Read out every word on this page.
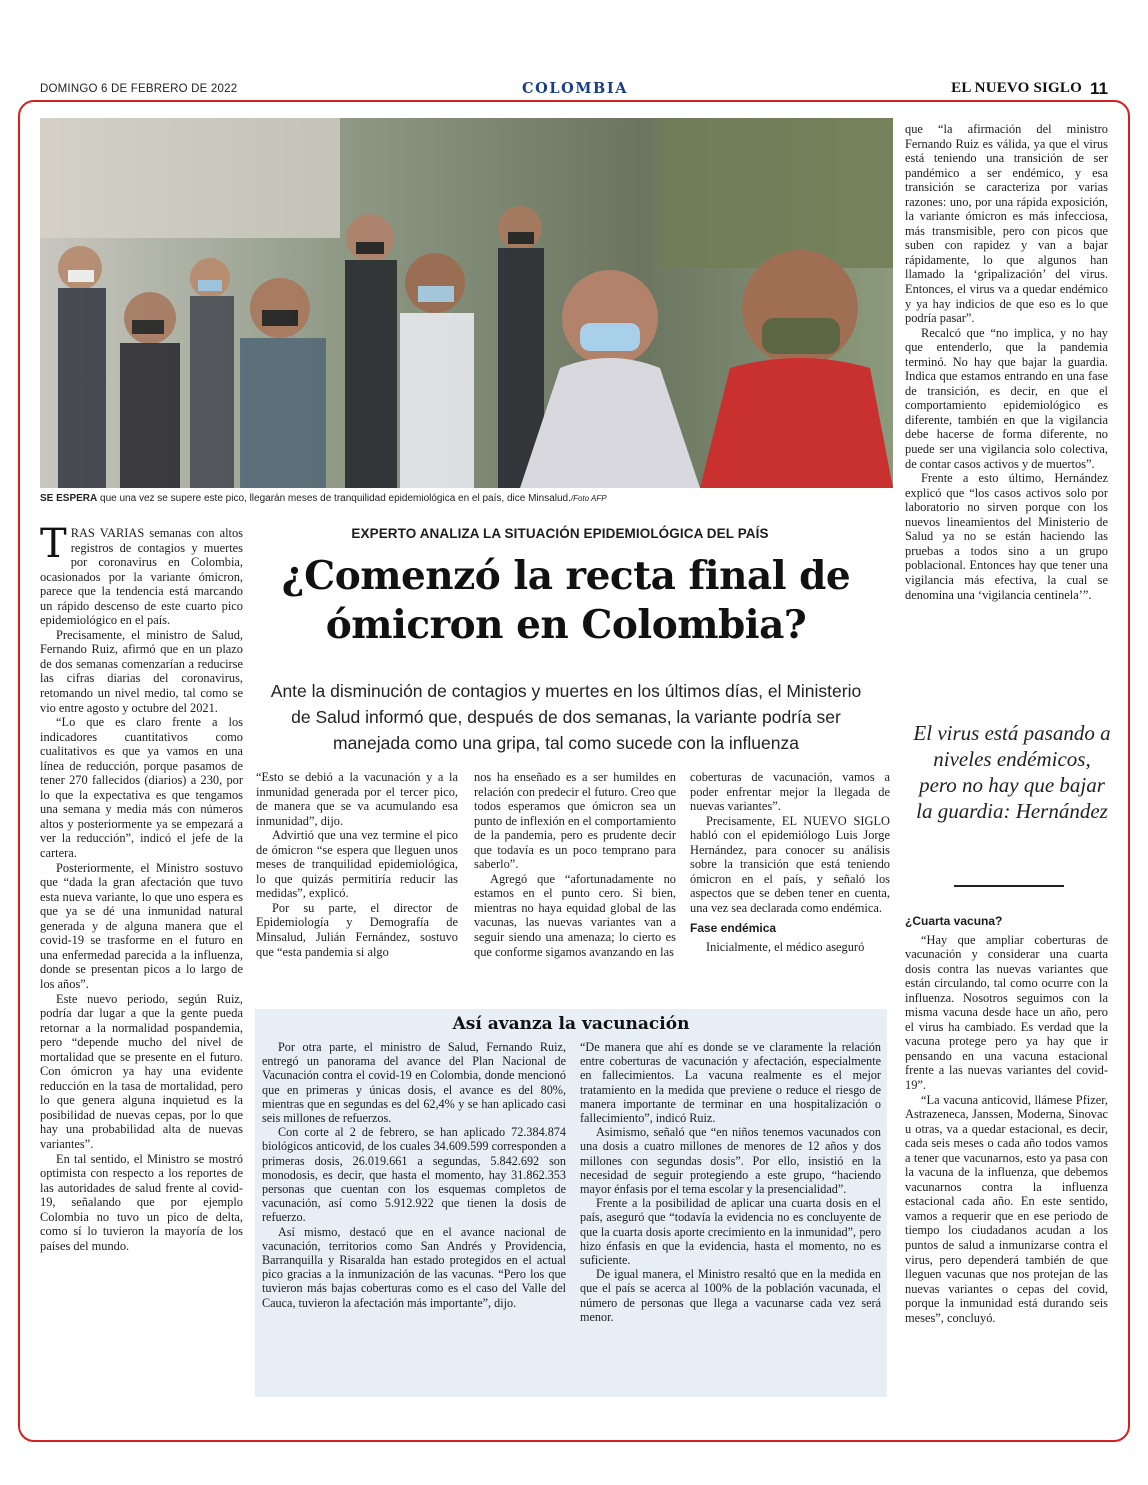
DOMINGO 6 DE FEBRERO DE 2022	COLOMBIA	EL NUEVO SIGLO 11
SE ESPERA que una vez se supere este pico, llegarán meses de tranquilidad epidemiológica en el país, dice Minsalud./Foto AFP

que “la afirmación del ministro Fernando Ruiz es válida, ya que el virus está teniendo una transición de ser pandémico a ser endémico, y esa transición se caracteriza por varias razones: uno, por una rápida exposición, la variante ómicron es más infecciosa, más transmisible, pero con picos que suben con rapidez y van a bajar rápidamente, lo que algunos han llamado la ‘gripalización’ del virus. Entonces, el virus va a quedar endémico y ya hay indicios de que eso es lo que podría pasar”.

Recalcó que “no implica, y no hay que entenderlo, que la pandemia terminó. No hay que bajar la guardia. Indica que estamos entrando en una fase de transición, es decir, en que el comportamiento epidemiológico es diferente, también en que la vigilancia debe hacerse de forma diferente, no puede ser una vigilancia solo colectiva, de contar casos activos y de muertos”.

Frente a esto último, Hernández explicó que “los casos activos solo por laboratorio no sirven porque con los nuevos lineamientos del Ministerio de Salud ya no se están haciendo las pruebas a todos sino a un grupo poblacional. Entonces hay que tener una vigilancia más efectiva, la cual se denomina una ‘vigilancia centinela’”.

El virus está pasando a niveles endémicos, pero no hay que bajar la guardia: Hernández

¿Cuarta vacuna?

“Hay que ampliar coberturas de vacunación y considerar una cuarta dosis contra las nuevas variantes que están circulando, tal como ocurre con la influenza. Nosotros seguimos con la misma vacuna desde hace un año, pero el virus ha cambiado. Es verdad que la vacuna protege pero ya hay que ir pensando en una vacuna estacional frente a las nuevas variantes del covid-19”.

“La vacuna anticovid, llámese Pfizer, Astrazeneca, Janssen, Moderna, Sinovac u otras, va a quedar estacional, es decir, cada seis meses o cada año todos vamos a tener que vacunarnos, esto ya pasa con la vacuna de la influenza, que debemos vacunarnos contra la influenza estacional cada año. En este sentido, vamos a requerir que en ese periodo de tiempo los ciudadanos acudan a los puntos de salud a inmunizarse contra el virus, pero dependerá también de que lleguen vacunas que nos protejan de las nuevas variantes o cepas del covid, porque la inmunidad está durando seis meses”, concluyó.

TRAS VARIAS semanas con altos registros de contagios y muertes por coronavirus en Colombia, ocasionados por la variante ómicron, parece que la tendencia está marcando un rápido descenso de este cuarto pico epidemiológico en el país.

Precisamente, el ministro de Salud, Fernando Ruiz, afirmó que en un plazo de dos semanas comenzarían a reducirse las cifras diarias del coronavirus, retomando un nivel medio, tal como se vio entre agosto y octubre del 2021.

“Lo que es claro frente a los indicadores cuantitativos como cualitativos es que ya vamos en una línea de reducción, porque pasamos de tener 270 fallecidos (diarios) a 230, por lo que la expectativa es que tengamos una semana y media más con números altos y posteriormente ya se empezará a ver la reducción”, indicó el jefe de la cartera.

Posteriormente, el Ministro sostuvo que “dada la gran afectación que tuvo esta nueva variante, lo que uno espera es que ya se dé una inmunidad natural generada y de alguna manera que el covid-19 se trasforme en el futuro en una enfermedad parecida a la influenza, donde se presentan picos a lo largo de los años”.

Este nuevo periodo, según Ruiz, podría dar lugar a que la gente pueda retornar a la normalidad pospandemia, pero “depende mucho del nivel de mortalidad que se presente en el futuro. Con ómicron ya hay una evidente reducción en la tasa de mortalidad, pero lo que genera alguna inquietud es la posibilidad de nuevas cepas, por lo que hay una probabilidad alta de nuevas variantes”.

En tal sentido, el Ministro se mostró optimista con respecto a los reportes de las autoridades de salud frente al covid-19, señalando que por ejemplo Colombia no tuvo un pico de delta, como sí lo tuvieron la mayoría de los países del mundo.

EXPERTO ANALIZA LA SITUACIÓN EPIDEMIOLÓGICA DEL PAÍS
¿Comenzó la recta final de
ómicron en Colombia?
Ante la disminución de contagios y muertes en los últimos días, el Ministerio de Salud informó que, después de dos semanas, la variante podría ser manejada como una gripa, tal como sucede con la influenza

“Esto se debió a la vacunación y a la inmunidad generada por el tercer pico, de manera que se va acumulando esa inmunidad”, dijo.

Advirtió que una vez termine el pico de ómicron “se espera que lleguen unos meses de tranquilidad epidemiológica, lo que quizás permitiría reducir las medidas”, explicó.

Por su parte, el director de Epidemiología y Demografía de Minsalud, Julián Fernández, sostuvo que “esta pandemia si algo

nos ha enseñado es a ser humildes en relación con predecir el futuro. Creo que todos esperamos que ómicron sea un punto de inflexión en el comportamiento de la pandemia, pero es prudente decir que todavía es un poco temprano para saberlo”.

Agregó que “afortunadamente no estamos en el punto cero. Si bien, mientras no haya equidad global de las vacunas, las nuevas variantes van a seguir siendo una amenaza; lo cierto es que conforme sigamos avanzando en las

coberturas de vacunación, vamos a poder enfrentar mejor la llegada de nuevas variantes”.

Precisamente, EL NUEVO SIGLO habló con el epidemiólogo Luis Jorge Hernández, para conocer su análisis sobre la transición que está teniendo ómicron en el país, y señaló los aspectos que se deben tener en cuenta, una vez sea declarada como endémica.

Fase endémica

Inicialmente, el médico aseguró

Así avanza la vacunación

Por otra parte, el ministro de Salud, Fernando Ruiz, entregó un panorama del avance del Plan Nacional de Vacunación contra el covid-19 en Colombia, donde mencionó que en primeras y únicas dosis, el avance es del 80%, mientras que en segundas es del 62,4% y se han aplicado casi seis millones de refuerzos.

Con corte al 2 de febrero, se han aplicado 72.384.874 biológicos anticovid, de los cuales 34.609.599 corresponden a primeras dosis, 26.019.661 a segundas, 5.842.692 son monodosis, es decir, que hasta el momento, hay 31.862.353 personas que cuentan con los esquemas completos de vacunación, así como 5.912.922 que tienen la dosis de refuerzo.

Así mismo, destacó que en el avance nacional de vacunación, territorios como San Andrés y Providencia, Barranquilla y Risaralda han estado protegidos en el actual pico gracias a la inmunización de las vacunas. “Pero los que tuvieron más bajas coberturas como es el caso del Valle del Cauca, tuvieron la afectación más importante”, dijo.

“De manera que ahí es donde se ve claramente la relación entre coberturas de vacunación y afectación, especialmente en fallecimientos. La vacuna realmente es el mejor tratamiento en la medida que previene o reduce el riesgo de manera importante de terminar en una hospitalización o fallecimiento”, indicó Ruiz.

Asimismo, señaló que “en niños tenemos vacunados con una dosis a cuatro millones de menores de 12 años y dos millones con segundas dosis”. Por ello, insistió en la necesidad de seguir protegiendo a este grupo, “haciendo mayor énfasis por el tema escolar y la presencialidad”.

Frente a la posibilidad de aplicar una cuarta dosis en el país, aseguró que “todavía la evidencia no es concluyente de que la cuarta dosis aporte crecimiento en la inmunidad”, pero hizo énfasis en que la evidencia, hasta el momento, no es suficiente.

De igual manera, el Ministro resaltó que en la medida en que el país se acerca al 100% de la población vacunada, el número de personas que llega a vacunarse cada vez será menor.
